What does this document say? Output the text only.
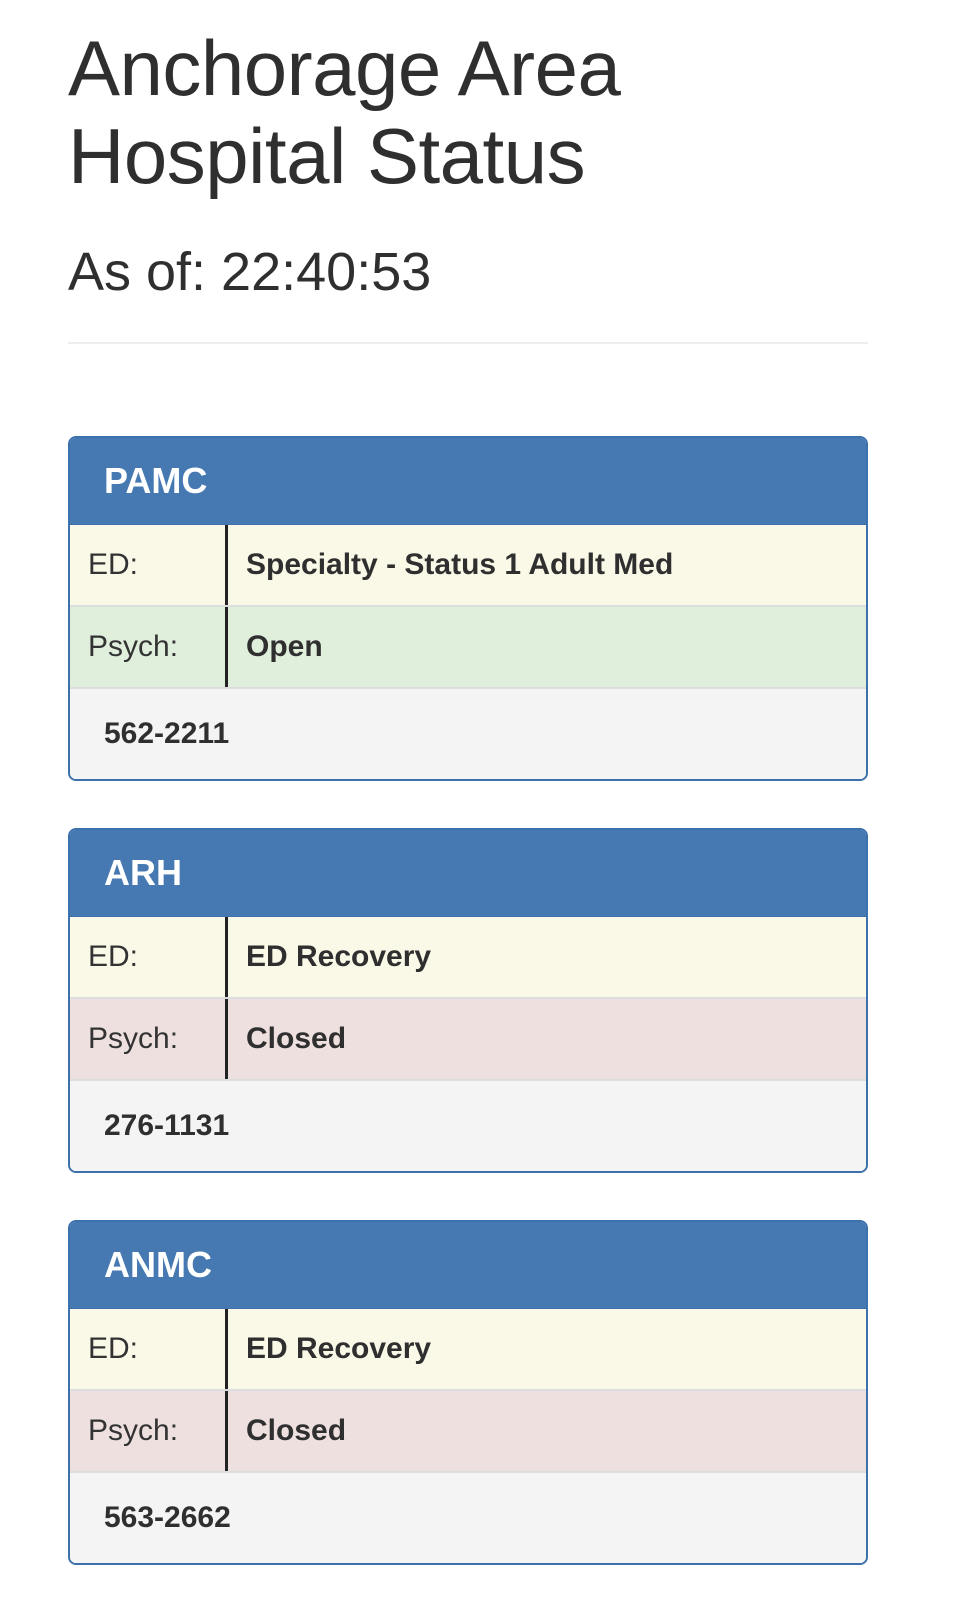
Anchorage Area Hospital Status
As of: 22:40:53
PAMC
ED:	Specialty - Status 1 Adult Med
Psych:	Open
562-2211
ARH
ED:	ED Recovery
Psych:	Closed
276-1131
ANMC
ED:	ED Recovery
Psych:	Closed
563-2662
